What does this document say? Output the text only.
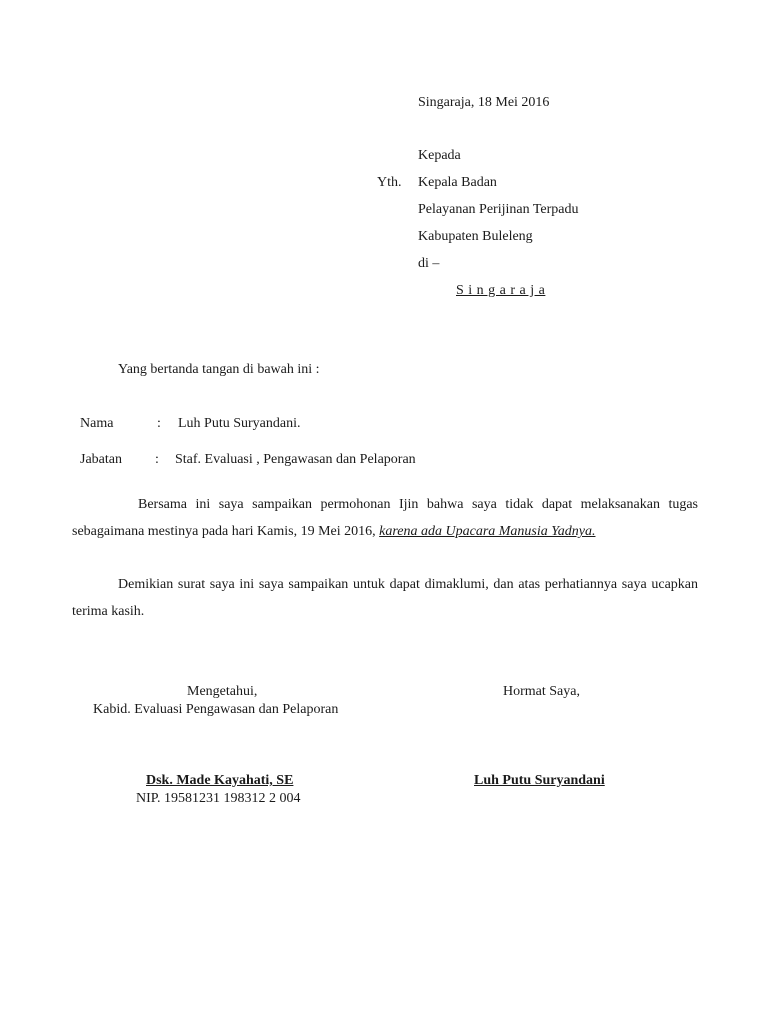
Singaraja, 18 Mei 2016
Kepada
Yth. Kepala Badan
Pelayanan Perijinan Terpadu
Kabupaten Buleleng
di –
S i n g a r a j a
Yang bertanda tangan di bawah ini :
Nama	: Luh Putu Suryandani.
Jabatan : Staf. Evaluasi , Pengawasan dan Pelaporan
Bersama ini saya sampaikan permohonan Ijin bahwa saya tidak dapat melaksanakan tugas sebagaimana mestinya pada hari Kamis, 19 Mei 2016, karena ada Upacara Manusia Yadnya.
Demikian surat saya ini saya sampaikan untuk dapat dimaklumi, dan atas perhatiannya saya ucapkan terima kasih.
Mengetahui,
Kabid. Evaluasi Pengawasan dan Pelaporan
Dsk. Made Kayahati, SE
NIP. 19581231 198312 2 004
Hormat Saya,
Luh Putu Suryandani
